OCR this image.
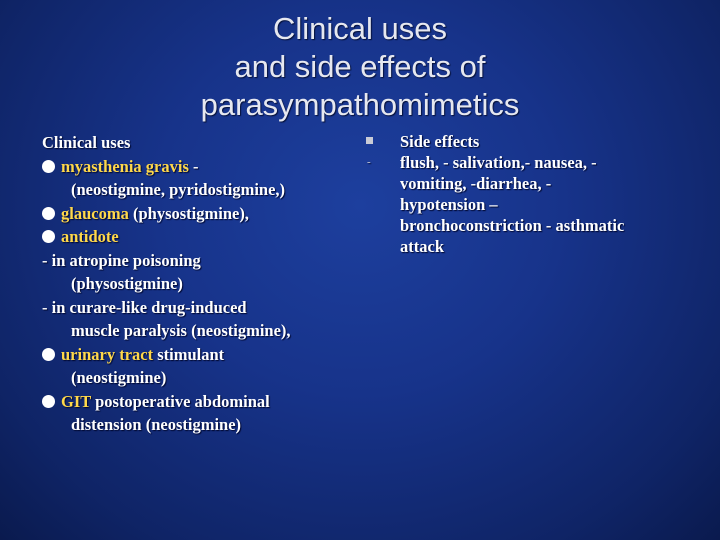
Clinical uses
and side effects of
parasympathomimetics
Clinical uses
myasthenia gravis -
(neostigmine, pyridostigmine,)
glaucoma (physostigmine),
antidote
- in atropine poisoning
(physostigmine)
- in curare-like drug-induced
muscle paralysis (neostigmine),
urinary tract stimulant
(neostigmine)
GIT postoperative abdominal
distension (neostigmine)
Side effects
- flush, - salivation,- nausea, -
vomiting, -diarrhea, -
hypotension –
bronchoconstriction - asthmatic
attack
